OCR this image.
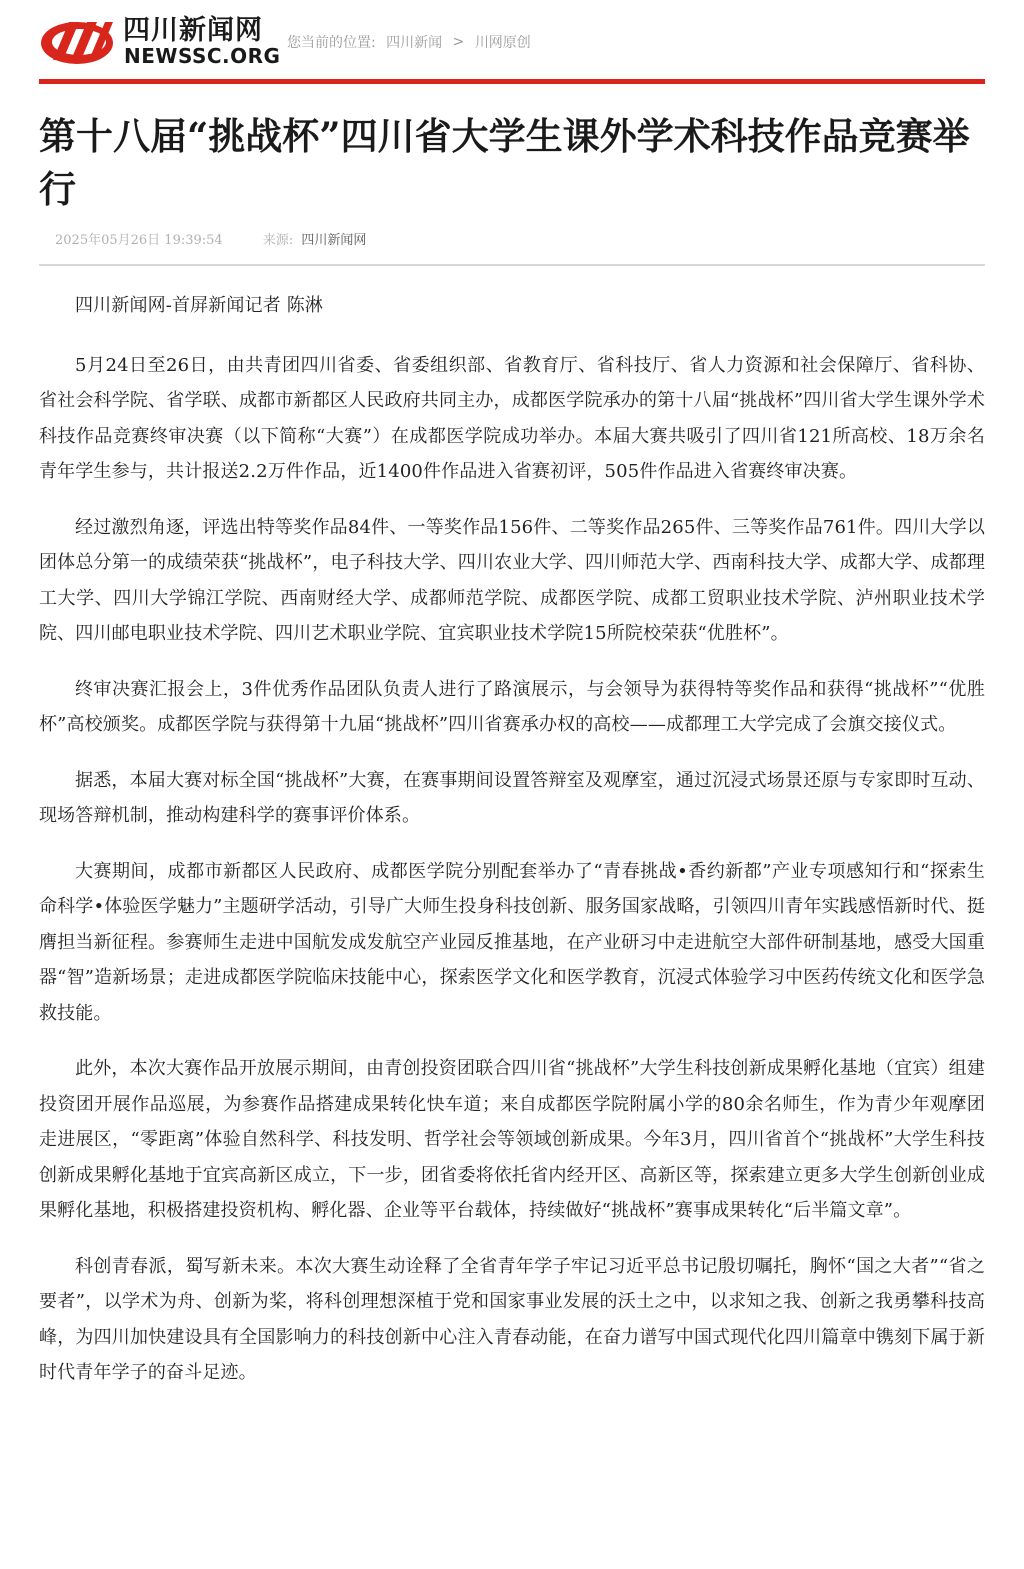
四川新闻网
NEWSSC.ORG
您当前的位置: 四川新闻 > 川网原创
第十八届“挑战杯”四川省大学生课外学术科技作品竞赛举行
2025年05月26日 19:39:54	来源: 四川新闻网

四川新闻网-首屏新闻记者 陈淋

5月24日至26日，由共青团四川省委、省委组织部、省教育厅、省科技厅、省人力资源和社会保障厅、省科协、省社会科学院、省学联、成都市新都区人民政府共同主办，成都医学院承办的第十八届“挑战杯”四川省大学生课外学术科技作品竞赛终审决赛（以下简称“大赛”）在成都医学院成功举办。本届大赛共吸引了四川省121所高校、18万余名青年学生参与，共计报送2.2万件作品，近1400件作品进入省赛初评，505件作品进入省赛终审决赛。

经过激烈角逐，评选出特等奖作品84件、一等奖作品156件、二等奖作品265件、三等奖作品761件。四川大学以团体总分第一的成绩荣获“挑战杯”，电子科技大学、四川农业大学、四川师范大学、西南科技大学、成都大学、成都理工大学、四川大学锦江学院、西南财经大学、成都师范学院、成都医学院、成都工贸职业技术学院、泸州职业技术学院、四川邮电职业技术学院、四川艺术职业学院、宜宾职业技术学院15所院校荣获“优胜杯”。

终审决赛汇报会上，3件优秀作品团队负责人进行了路演展示，与会领导为获得特等奖作品和获得“挑战杯”“优胜杯”高校颁奖。成都医学院与获得第十九届“挑战杯”四川省赛承办权的高校——成都理工大学完成了会旗交接仪式。

据悉，本届大赛对标全国“挑战杯”大赛，在赛事期间设置答辩室及观摩室，通过沉浸式场景还原与专家即时互动、现场答辩机制，推动构建科学的赛事评价体系。

大赛期间，成都市新都区人民政府、成都医学院分别配套举办了“青春挑战•香约新都”产业专项感知行和“探索生命科学•体验医学魅力”主题研学活动，引导广大师生投身科技创新、服务国家战略，引领四川青年实践感悟新时代、挺膺担当新征程。参赛师生走进中国航发成发航空产业园反推基地，在产业研习中走进航空大部件研制基地，感受大国重器“智”造新场景；走进成都医学院临床技能中心，探索医学文化和医学教育，沉浸式体验学习中医药传统文化和医学急救技能。

此外，本次大赛作品开放展示期间，由青创投资团联合四川省“挑战杯”大学生科技创新成果孵化基地（宜宾）组建投资团开展作品巡展，为参赛作品搭建成果转化快车道；来自成都医学院附属小学的80余名师生，作为青少年观摩团走进展区，“零距离”体验自然科学、科技发明、哲学社会等领域创新成果。今年3月，四川省首个“挑战杯”大学生科技创新成果孵化基地于宜宾高新区成立，下一步，团省委将依托省内经开区、高新区等，探索建立更多大学生创新创业成果孵化基地，积极搭建投资机构、孵化器、企业等平台载体，持续做好“挑战杯”赛事成果转化“后半篇文章”。

科创青春派，蜀写新未来。本次大赛生动诠释了全省青年学子牢记习近平总书记殷切嘱托，胸怀“国之大者”“省之要者”，以学术为舟、创新为桨，将科创理想深植于党和国家事业发展的沃土之中，以求知之我、创新之我勇攀科技高峰，为四川加快建设具有全国影响力的科技创新中心注入青春动能，在奋力谱写中国式现代化四川篇章中镌刻下属于新时代青年学子的奋斗足迹。
